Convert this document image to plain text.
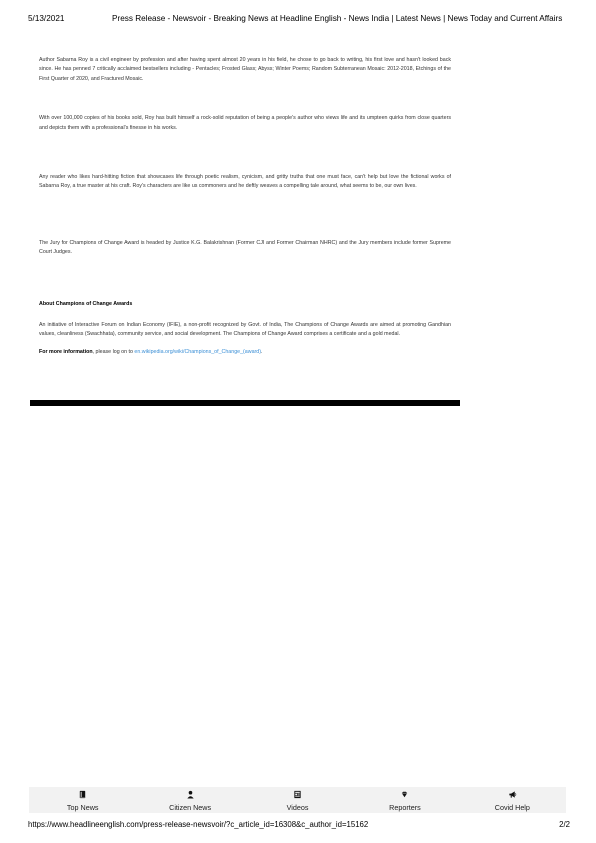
5/13/2021	Press Release - Newsvoir - Breaking News at Headline English - News India | Latest News | News Today and Current Affairs

Author Sabarna Roy is a civil engineer by profession and after having spent almost 20 years in his field, he chose to go back to writing, his first love and hasn't looked back since. He has penned 7 critically acclaimed bestsellers including - Pentacles; Frosted Glass; Abyss; Winter Poems; Random Subterranean Mosaic: 2012-2018, Etchings of the First Quarter of 2020, and Fractured Mosaic.

With over 100,000 copies of his books sold, Roy has built himself a rock-solid reputation of being a people's author who views life and its umpteen quirks from close quarters and depicts them with a professional's finesse in his works.

Any reader who likes hard-hitting fiction that showcases life through poetic realism, cynicism, and gritty truths that one must face, can't help but love the fictional works of Sabarna Roy, a true master at his craft. Roy's characters are like us commoners and he deftly weaves a compelling tale around, what seems to be, our own lives.

The Jury for Champions of Change Award is headed by Justice K.G. Balakrishnan (Former CJI and Former Chairman NHRC) and the Jury members include former Supreme Court Judges.

About Champions of Change Awards

An initiative of Interactive Forum on Indian Economy (IFIE), a non-profit recognized by Govt. of India, The Champions of Change Awards are aimed at promoting Gandhian values, cleanliness (Swachhata), community service, and social development. The Champions of Change Award comprises a certificate and a gold medal.

For more information, please log on to en.wikipedia.org/wiki/Champions_of_Change_(award).

Top News	Citizen News	Videos	Reporters	Covid Help
https://www.headlineenglish.com/press-release-newsvoir/?c_article_id=16308&c_author_id=15162	2/2
